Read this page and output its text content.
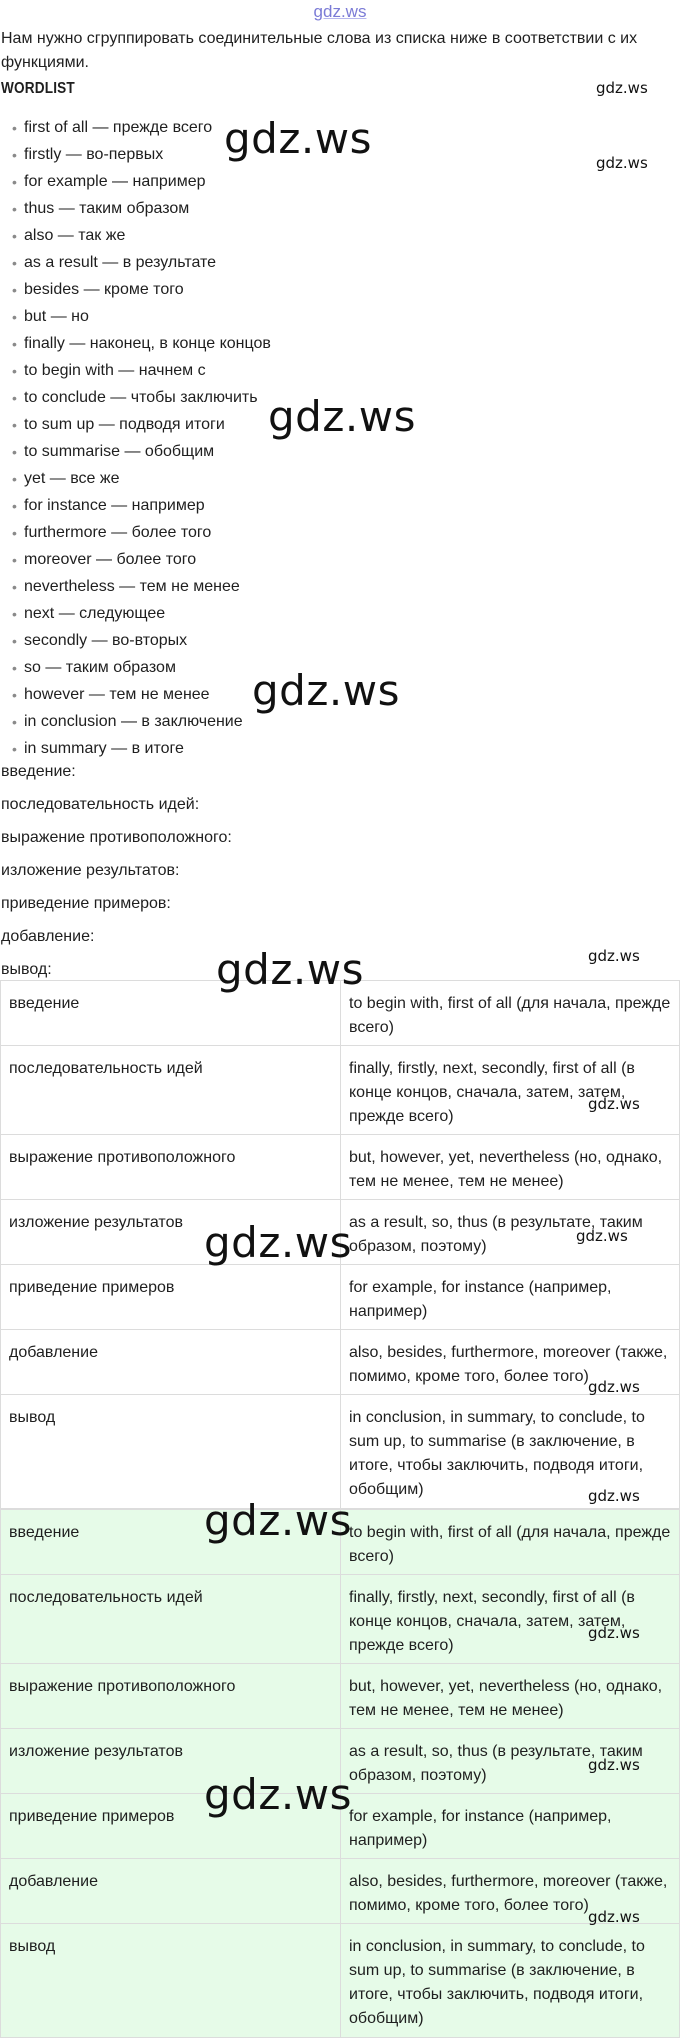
gdz.ws
Нам нужно сгруппировать соединительные слова из списка ниже в соответствии с их функциями.
WORDLIST
• first of all — прежде всего
• firstly — во-первых
• for example — например
• thus — таким образом
• also — так же
• as a result — в результате
• besides — кроме того
• but — но
• finally — наконец, в конце концов
• to begin with — начнем с
• to conclude — чтобы заключить
• to sum up — подводя итоги
• to summarise — обобщим
• yet — все же
• for instance — например
• furthermore — более того
• moreover — более того
• nevertheless — тем не менее
• next — следующее
• secondly — во-вторых
• so — таким образом
• however — тем не менее
• in conclusion — в заключение
• in summary — в итоге
введение:
последовательность идей:
выражение противоположного:
изложение результатов:
приведение примеров:
добавление:
вывод:
введение	to begin with, first of all (для начала, прежде всего)
последовательность идей	finally, firstly, next, secondly, first of all (в конце концов, сначала, затем, затем, прежде всего)
выражение противоположного	but, however, yet, nevertheless (но, однако, тем не менее, тем не менее)
изложение результатов	as a result, so, thus (в результате, таким образом, поэтому)
приведение примеров	for example, for instance (например, например)
добавление	also, besides, furthermore, moreover (также, помимо, кроме того, более того)
вывод	in conclusion, in summary, to conclude, to sum up, to summarise (в заключение, в итоге, чтобы заключить, подводя итоги, обобщим)
введение	to begin with, first of all (для начала, прежде всего)
последовательность идей	finally, firstly, next, secondly, first of all (в конце концов, сначала, затем, затем, прежде всего)
выражение противоположного	but, however, yet, nevertheless (но, однако, тем не менее, тем не менее)
изложение результатов	as a result, so, thus (в результате, таким образом, поэтому)
приведение примеров	for example, for instance (например, например)
добавление	also, besides, furthermore, moreover (также, помимо, кроме того, более того)
вывод	in conclusion, in summary, to conclude, to sum up, to summarise (в заключение, в итоге, чтобы заключить, подводя итоги, обобщим)
gdz.ws
gdz.ws
gdz.ws
gdz.ws
gdz.ws
gdz.ws
gdz.ws
gdz.ws
gdz.ws
gdz.ws
gdz.ws
gdz.ws
gdz.ws
gdz.ws
gdz.ws
gdz.ws
gdz.ws
